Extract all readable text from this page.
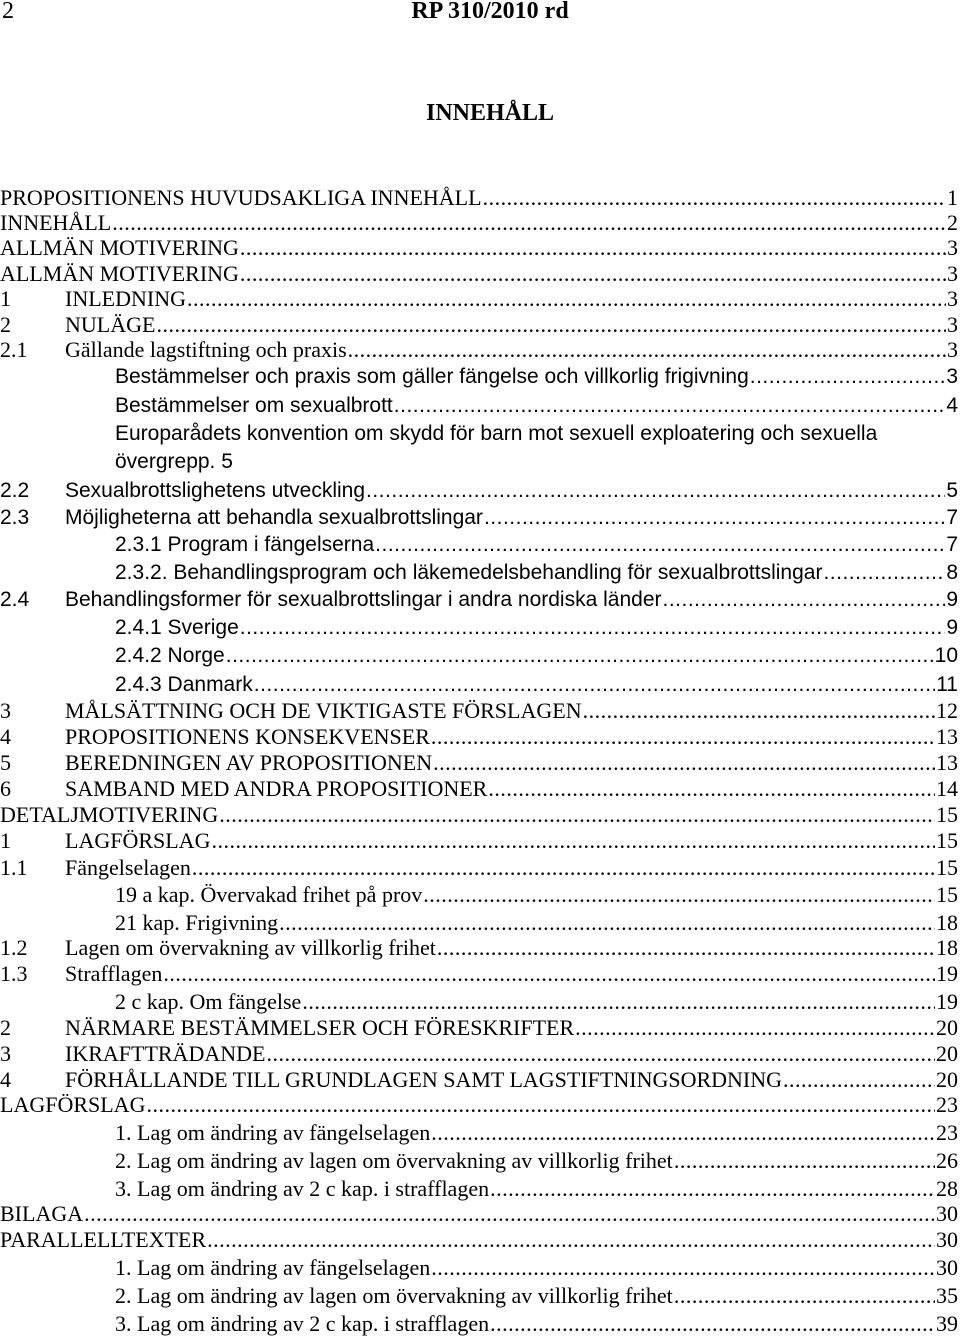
2	RP 310/2010 rd
INNEHÅLL
PROPOSITIONENS HUVUDSAKLIGA INNEHÅLL .....	1
INNEHÅLL .....	2
ALLMÄN MOTIVERING .....	3
ALLMÄN MOTIVERING .....	3
1	INLEDNING .....	3
2	NULÄGE .....	3
2.1	Gällande lagstiftning och praxis .....	3
Bestämmelser och praxis som gäller fängelse och villkorlig frigivning .....	3
Bestämmelser om sexualbrott .....	4
Europarådets konvention om skydd för barn mot sexuell exploatering och sexuella
övergrepp. 5
2.2	Sexualbrottslighetens utveckling .....	5
2.3	Möjligheterna att behandla sexualbrottslingar .....	7
2.3.1 Program i fängelserna .....	7
2.3.2. Behandlingsprogram och läkemedelsbehandling för sexualbrottslingar .....	8
2.4	Behandlingsformer för sexualbrottslingar i andra nordiska länder .....	9
2.4.1 Sverige .....	9
2.4.2 Norge .....	10
2.4.3 Danmark .....	11
3	MÅLSÄTTNING OCH DE VIKTIGASTE FÖRSLAGEN .....	12
4	PROPOSITIONENS KONSEKVENSER .....	13
5	BEREDNINGEN AV PROPOSITIONEN .....	13
6	SAMBAND MED ANDRA PROPOSITIONER .....	14
DETALJMOTIVERING .....	15
1	LAGFÖRSLAG .....	15
1.1	Fängelselagen .....	15
19 a kap. Övervakad frihet på prov .....	15
21 kap. Frigivning .....	18
1.2	Lagen om övervakning av villkorlig frihet .....	18
1.3	Strafflagen .....	19
2 c kap. Om fängelse .....	19
2	NÄRMARE BESTÄMMELSER OCH FÖRESKRIFTER .....	20
3	IKRAFTTRÄDANDE .....	20
4	FÖRHÅLLANDE TILL GRUNDLAGEN SAMT LAGSTIFTNINGSORDNING .....	20
LAGFÖRSLAG .....	23
1. Lag om ändring av fängelselagen .....	23
2. Lag om ändring av lagen om övervakning av villkorlig frihet .....	26
3. Lag om ändring av 2 c kap. i strafflagen .....	28
BILAGA .....	30
PARALLELLTEXTER .....	30
1. Lag om ändring av fängelselagen .....	30
2. Lag om ändring av lagen om övervakning av villkorlig frihet .....	35
3. Lag om ändring av 2 c kap. i strafflagen .....	39
